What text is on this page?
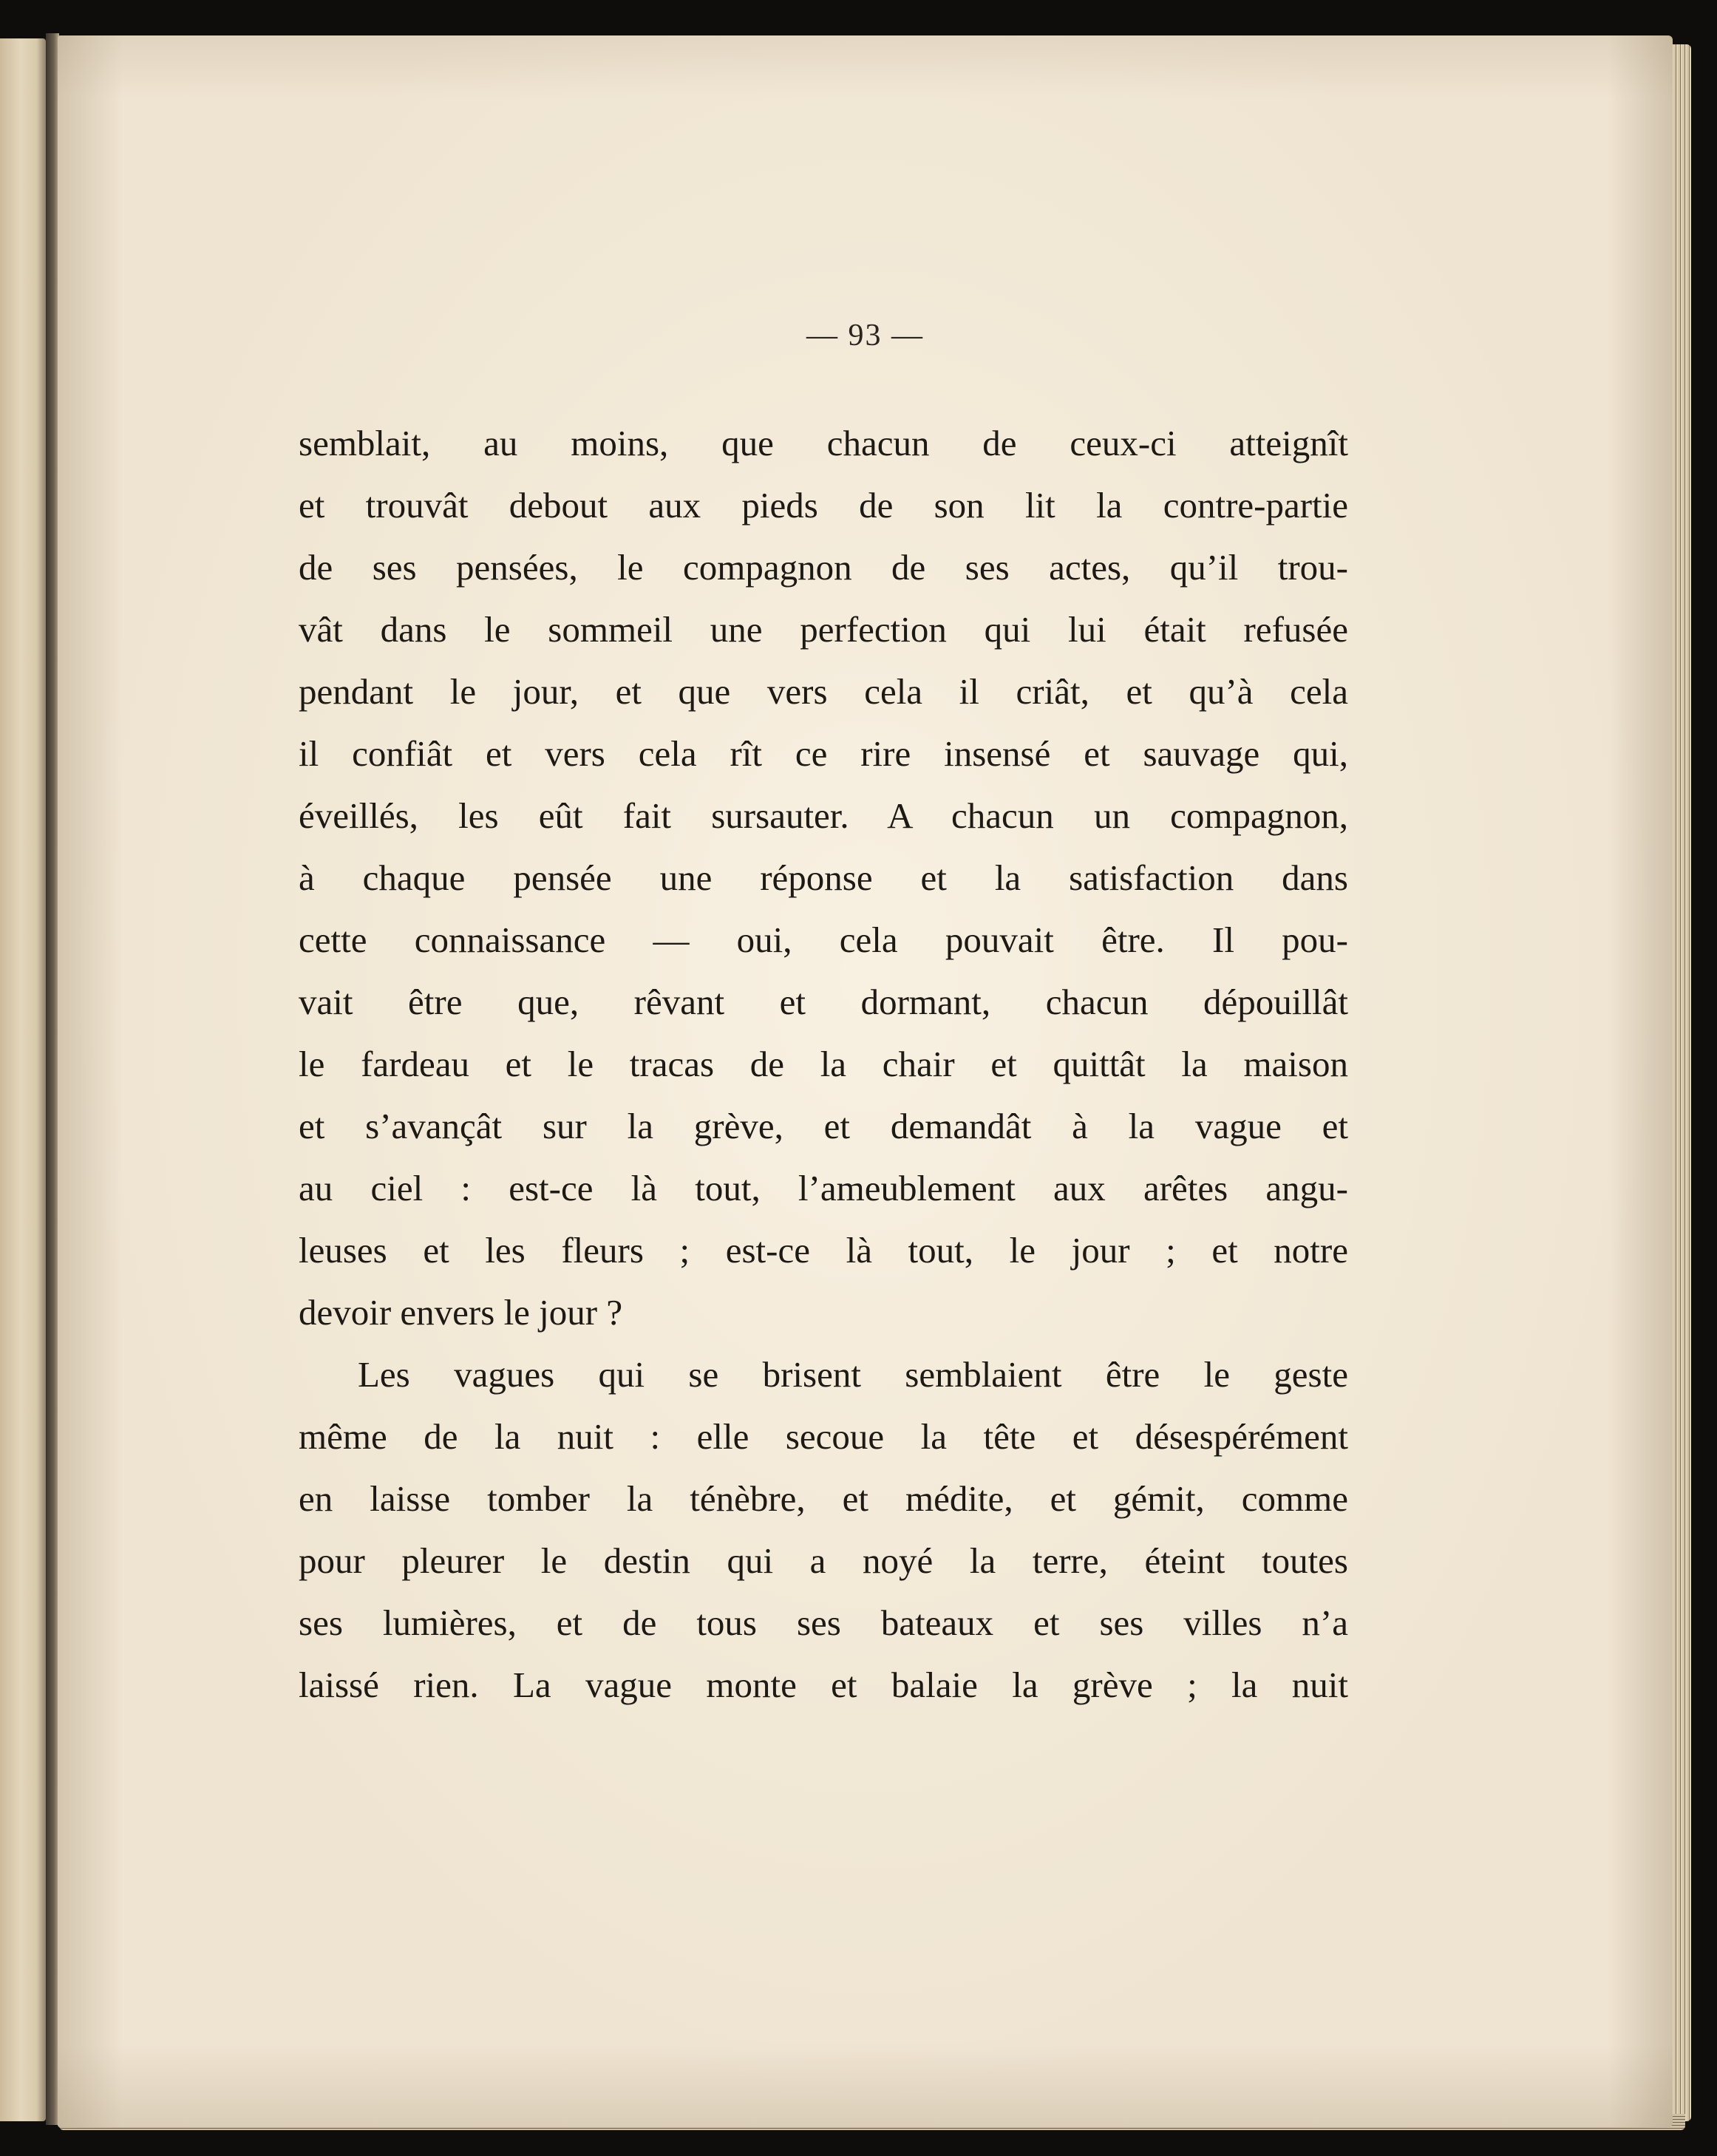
— 93 —
semblait, au moins, que chacun de ceux-ci atteignît
et trouvât debout aux pieds de son lit la contre-partie
de ses pensées, le compagnon de ses actes, qu’il trou-
vât dans le sommeil une perfection qui lui était refusée
pendant le jour, et que vers cela il criât, et qu’à cela
il confiât et vers cela rît ce rire insensé et sauvage qui,
éveillés, les eût fait sursauter. A chacun un compagnon,
à chaque pensée une réponse et la satisfaction dans
cette connaissance — oui, cela pouvait être. Il pou-
vait être que, rêvant et dormant, chacun dépouillât
le fardeau et le tracas de la chair et quittât la maison
et s’avançât sur la grève, et demandât à la vague et
au ciel : est-ce là tout, l’ameublement aux arêtes angu-
leuses et les fleurs ; est-ce là tout, le jour ; et notre
devoir envers le jour ?
Les vagues qui se brisent semblaient être le geste
même de la nuit : elle secoue la tête et désespérément
en laisse tomber la ténèbre, et médite, et gémit, comme
pour pleurer le destin qui a noyé la terre, éteint toutes
ses lumières, et de tous ses bateaux et ses villes n’a
laissé rien. La vague monte et balaie la grève ; la nuit
